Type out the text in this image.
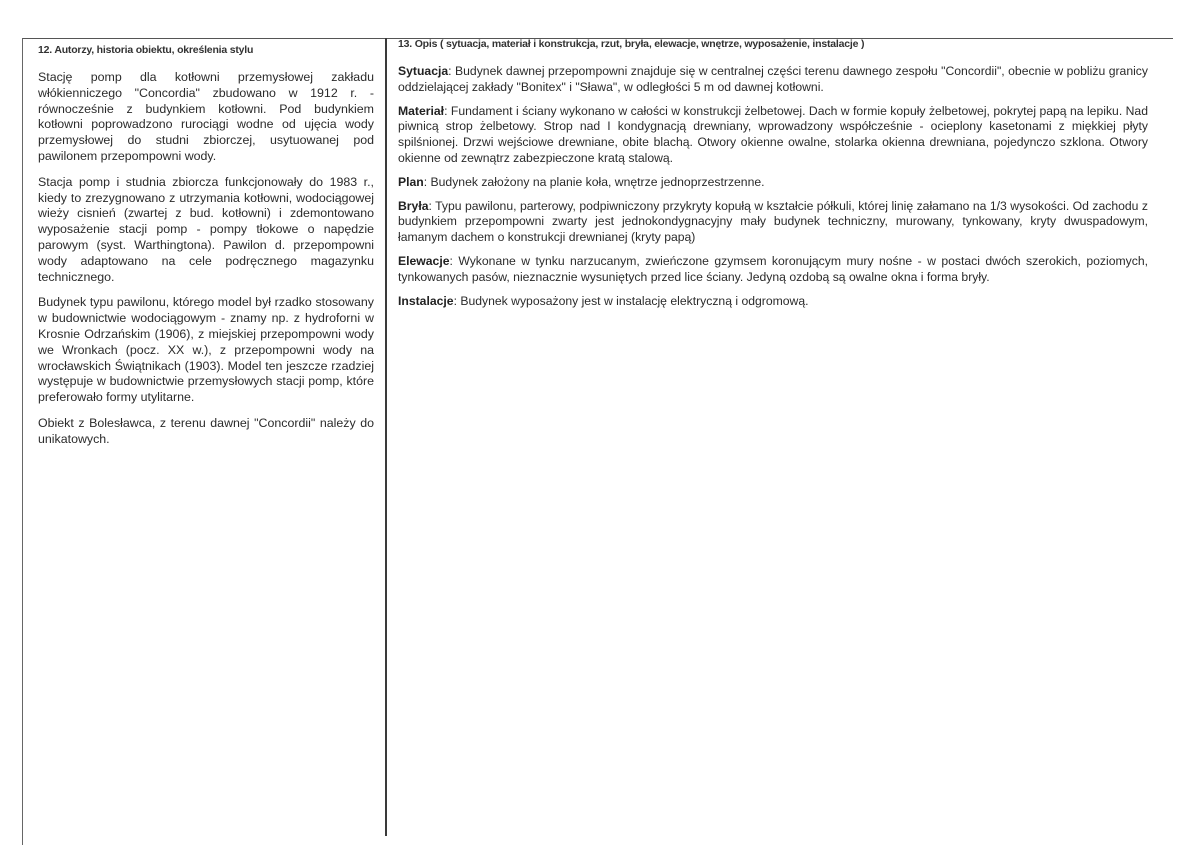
12. Autorzy, historia obiektu, określenia stylu

Stację pomp dla kotłowni przemysłowej zakładu włókienniczego "Concordia" zbudowano w 1912 r. - równocześnie z budynkiem kotłowni. Pod budynkiem kotłowni poprowadzono rurociągi wodne od ujęcia wody przemysłowej do studni zbiorczej, usytuowanej pod pawilonem przepompowni wody.

Stacja pomp i studnia zbiorcza funkcjonowały do 1983 r., kiedy to zrezygnowano z utrzymania kotłowni, wodociągowej wieży cisnień (zwartej z bud. kotłowni) i zdemontowano wyposażenie stacji pomp - pompy tłokowe o napędzie parowym (syst. Warthingtona). Pawilon d. przepompowni wody adaptowano na cele podręcznego magazynku technicznego.

Budynek typu pawilonu, którego model był rzadko stosowany w budownictwie wodociągowym - znamy np. z hydroforni w Krosnie Odrzańskim (1906), z miejskiej przepompowni wody we Wronkach (pocz. XX w.), z przepompowni wody na wrocławskich Świątnikach (1903). Model ten jeszcze rzadziej występuje w budownictwie przemysłowych stacji pomp, które preferowało formy utylitarne.

Obiekt z Bolesławca, z terenu dawnej "Concordii" należy do unikatowych.

13. Opis ( sytuacja, materiał i konstrukcja, rzut, bryła, elewacje, wnętrze, wyposażenie, instalacje )

Sytuacja: Budynek dawnej przepompowni znajduje się w centralnej części terenu dawnego zespołu "Concordii", obecnie w pobliżu granicy oddzielającej zakłady "Bonitex" i "Sława", w odległości 5 m od dawnej kotłowni.

Materiał: Fundament i ściany wykonano w całości w konstrukcji żelbetowej. Dach w formie kopuły żelbetowej, pokrytej papą na lepiku. Nad piwnicą strop żelbetowy. Strop nad I kondygnacją drewniany, wprowadzony współcześnie - ocieplony kasetonami z miękkiej płyty spilśnionej. Drzwi wejściowe drewniane, obite blachą. Otwory okienne owalne, stolarka okienna drewniana, pojedynczo szklona. Otwory okienne od zewnątrz zabezpieczone kratą stalową.

Plan: Budynek założony na planie koła, wnętrze jednoprzestrzenne.

Bryła: Typu pawilonu, parterowy, podpiwniczony przykryty kopułą w kształcie półkuli, której linię załamano na 1/3 wysokości. Od zachodu z budynkiem przepompowni zwarty jest jednokondygnacyjny mały budynek techniczny, murowany, tynkowany, kryty dwuspadowym, łamanym dachem o konstrukcji drewnianej (kryty papą)

Elewacje: Wykonane w tynku narzucanym, zwieńczone gzymsem koronującym mury nośne - w postaci dwóch szerokich, poziomych, tynkowanych pasów, nieznacznie wysuniętych przed lice ściany. Jedyną ozdobą są owalne okna i forma bryły.

Instalacje: Budynek wyposażony jest w instalację elektryczną i odgromową.
